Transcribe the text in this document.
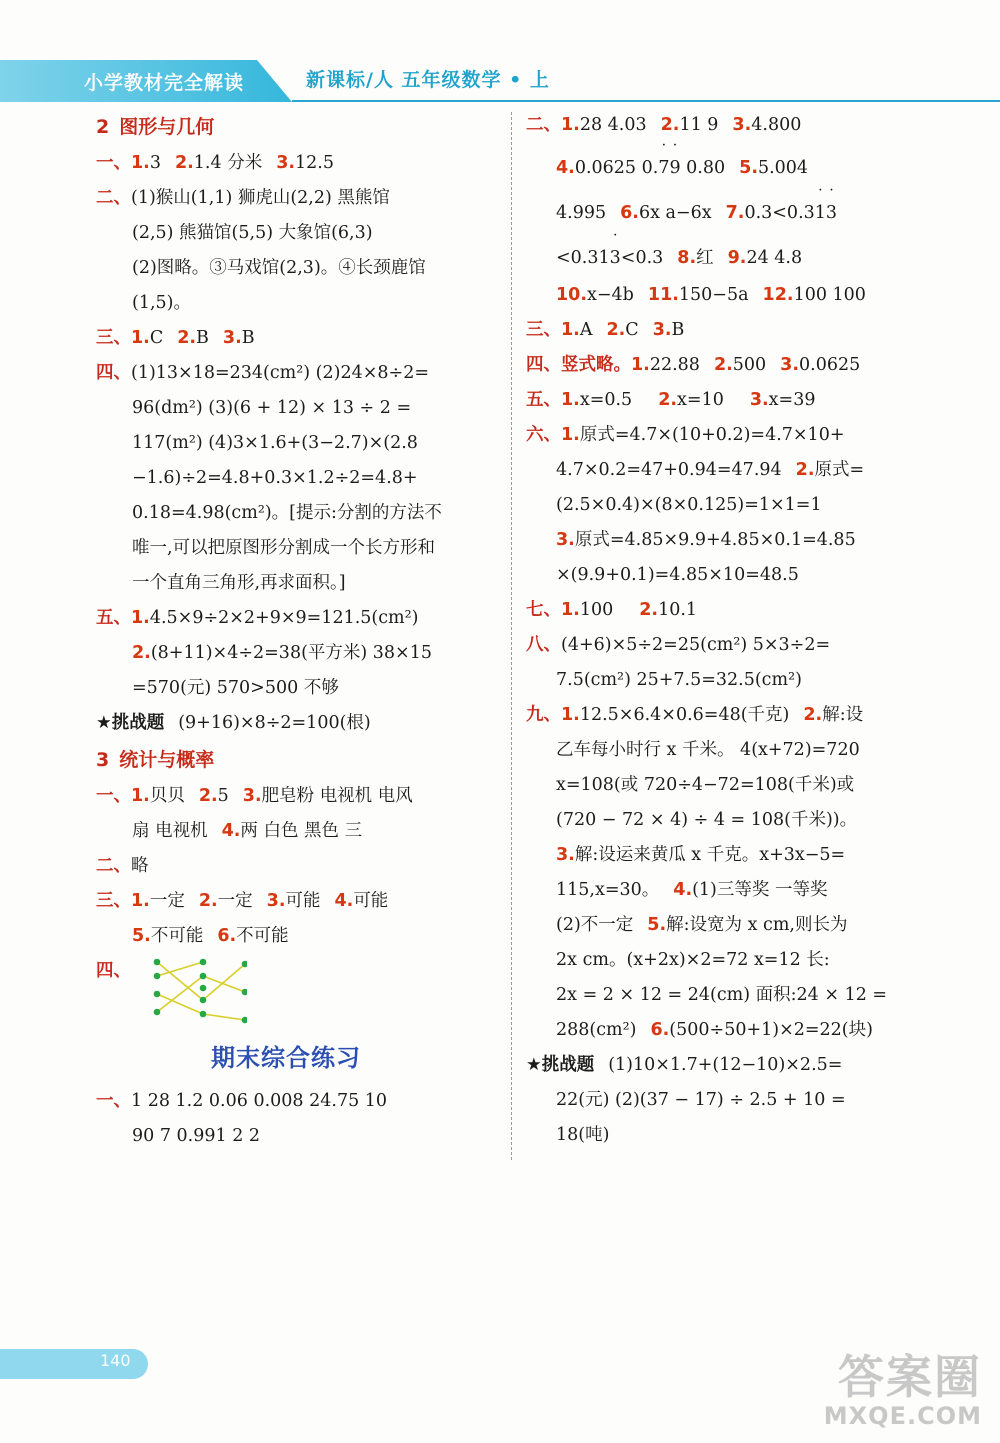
小学教材完全解读	新课标/人 五年级数学 • 上
2 图形与几何
一、1.3 2.1.4 分米 3.12.5
二、(1)猴山(1,1) 狮虎山(2,2) 黑熊馆
(2,5) 熊猫馆(5,5) 大象馆(6,3)
(2)图略。③马戏馆(2,3)。④长颈鹿馆
(1,5)。
三、1.C 2.B 3.B
四、(1)13×18=234(cm²) (2)24×8÷2=
96(dm²) (3)(6 + 12) × 13 ÷ 2 =
117(m²) (4)3×1.6+(3−2.7)×(2.8
−1.6)÷2=4.8+0.3×1.2÷2=4.8+
0.18=4.98(cm²)。[提示:分割的方法不
唯一,可以把原图形分割成一个长方形和
一个直角三角形,再求面积。]
五、1.4.5×9÷2×2+9×9=121.5(cm²)
2.(8+11)×4÷2=38(平方米) 38×15
=570(元) 570>500 不够
★挑战题 (9+16)×8÷2=100(根)
3 统计与概率
一、1.贝贝 2.5 3.肥皂粉 电视机 电风
扇 电视机 4.两 白色 黑色 三
二、略
三、1.一定 2.一定 3.可能 4.可能
5.不可能 6.不可能
四、
期末综合练习
一、1 28 1.2 0.06 0.008 24.75 10
90 7 0.991 2 2
二、1.28 4.03 2.11 9 3.4.800
4.0.0625 0.˙ 7˙ 9 0.80 5.5.004
4.995 6.6x a−6x 7.0.3<0.3˙ 1˙ 3
<0.31˙ 3<0.3 8.红 9.24 4.8
10.x−4b 11.150−5a 12.100 100
三、1.A 2.C 3.B
四、竖式略。1.22.88 2.500 3.0.0625
五、1.x=0.5 2.x=10 3.x=39
六、1.原式=4.7×(10+0.2)=4.7×10+
4.7×0.2=47+0.94=47.94 2.原式=
(2.5×0.4)×(8×0.125)=1×1=1
3.原式=4.85×9.9+4.85×0.1=4.85
×(9.9+0.1)=4.85×10=48.5
七、1.100 2.10.1
八、(4+6)×5÷2=25(cm²) 5×3÷2=
7.5(cm²) 25+7.5=32.5(cm²)
九、1.12.5×6.4×0.6=48(千克) 2.解:设
乙车每小时行 x 千米。 4(x+72)=720
x=108(或 720÷4−72=108(千米)或
(720 − 72 × 4) ÷ 4 = 108(千米))。
3.解:设运来黄瓜 x 千克。x+3x−5=
115,x=30。 4.(1)三等奖 一等奖
(2)不一定 5.解:设宽为 x cm,则长为
2x cm。(x+2x)×2=72 x=12 长:
2x = 2 × 12 = 24(cm) 面积:24 × 12 =
288(cm²) 6.(500÷50+1)×2=22(块)
★挑战题 (1)10×1.7+(12−10)×2.5=
22(元) (2)(37 − 17) ÷ 2.5 + 10 =
18(吨)
140	答案圈
MXQE.COM
